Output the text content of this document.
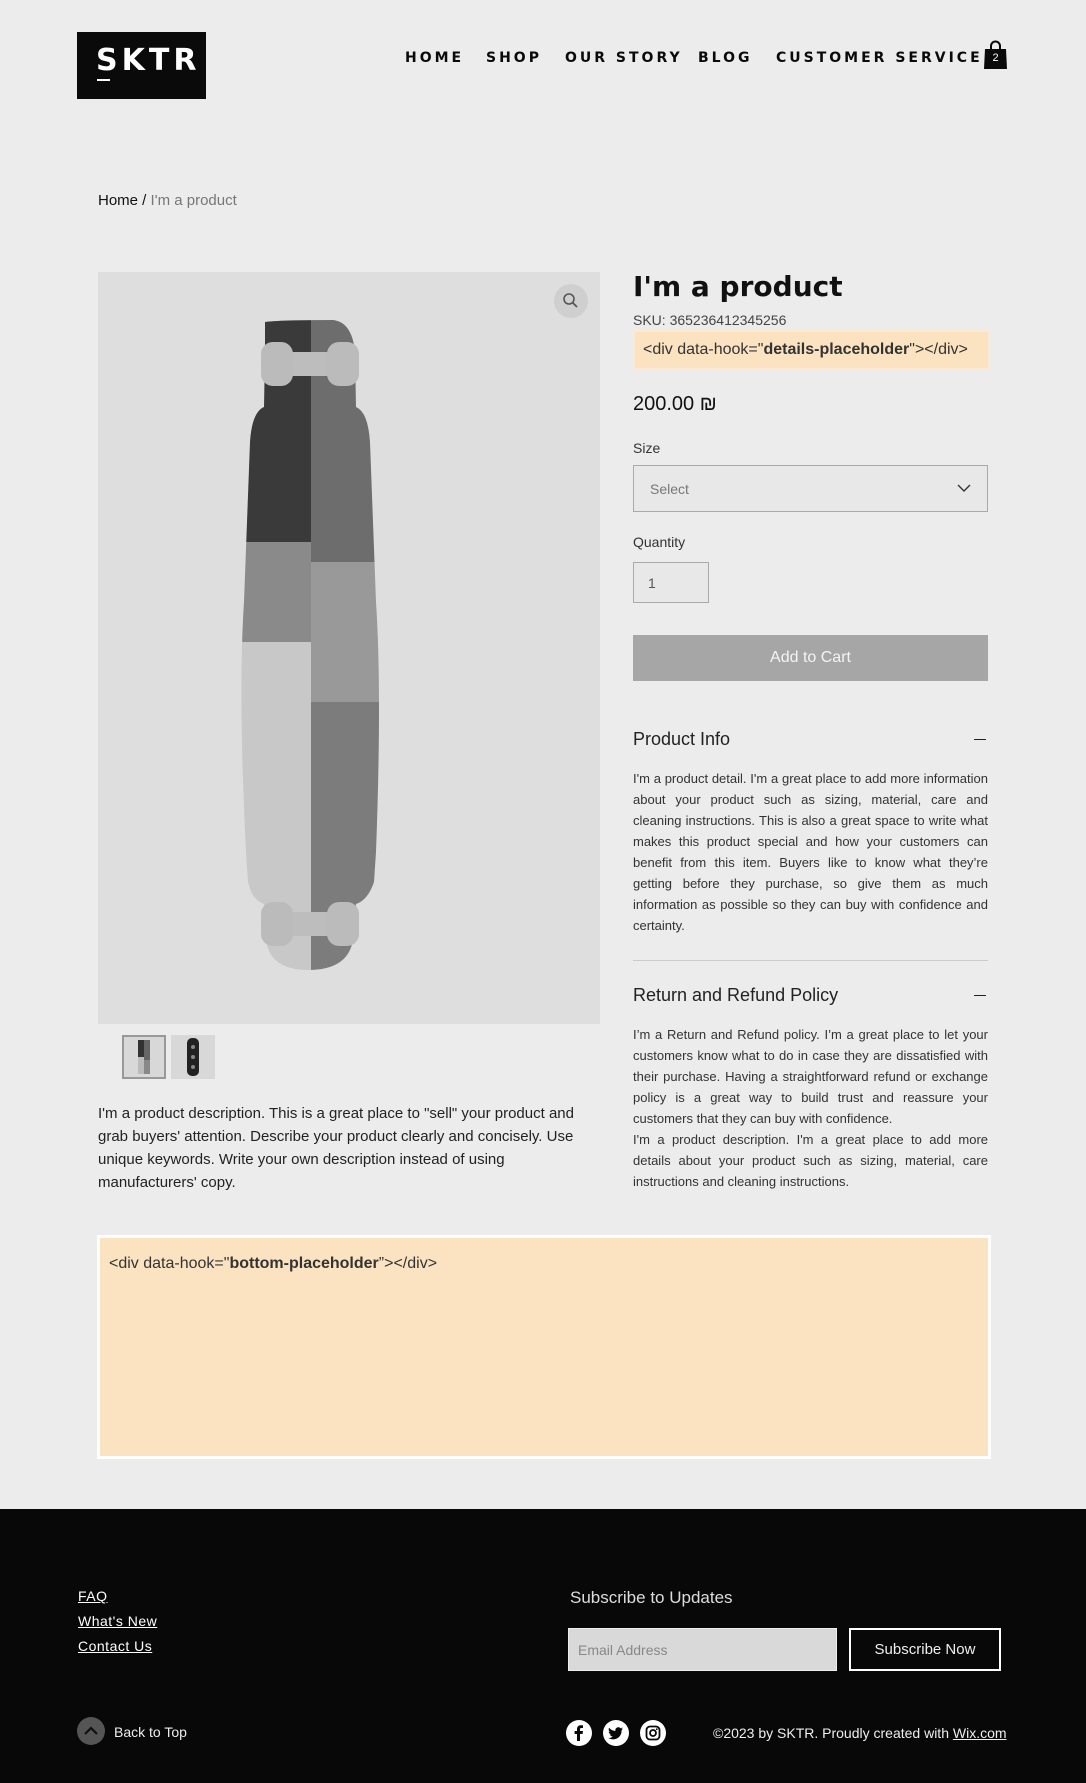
SKTR	HOME SHOP OUR STORY BLOG CUSTOMER SERVICE 2
Home / I'm a product
I'm a product description. This is a great place to "sell" your product and grab buyers' attention. Describe your product clearly and concisely. Use unique keywords. Write your own description instead of using manufacturers' copy.
I'm a product
SKU: 365236412345256
<div data-hook="details-placeholder"></div>
200.00 ₪
Size
Select
Quantity
1
Add to Cart
Product Info
I'm a product detail. I'm a great place to add more information about your product such as sizing, material, care and cleaning instructions. This is also a great space to write what makes this product special and how your customers can benefit from this item. Buyers like to know what they’re getting before they purchase, so give them as much information as possible so they can buy with confidence and certainty.
Return and Refund Policy
I’m a Return and Refund policy. I’m a great place to let your customers know what to do in case they are dissatisfied with their purchase. Having a straightforward refund or exchange policy is a great way to build trust and reassure your customers that they can buy with confidence.
I'm a product description. I'm a great place to add more details about your product such as sizing, material, care instructions and cleaning instructions.
<div data-hook="bottom-placeholder”></div>
FAQ
What's New
Contact Us
Subscribe to Updates
Email Address	Subscribe Now
Back to Top	©2023 by SKTR. Proudly created with Wix.com
